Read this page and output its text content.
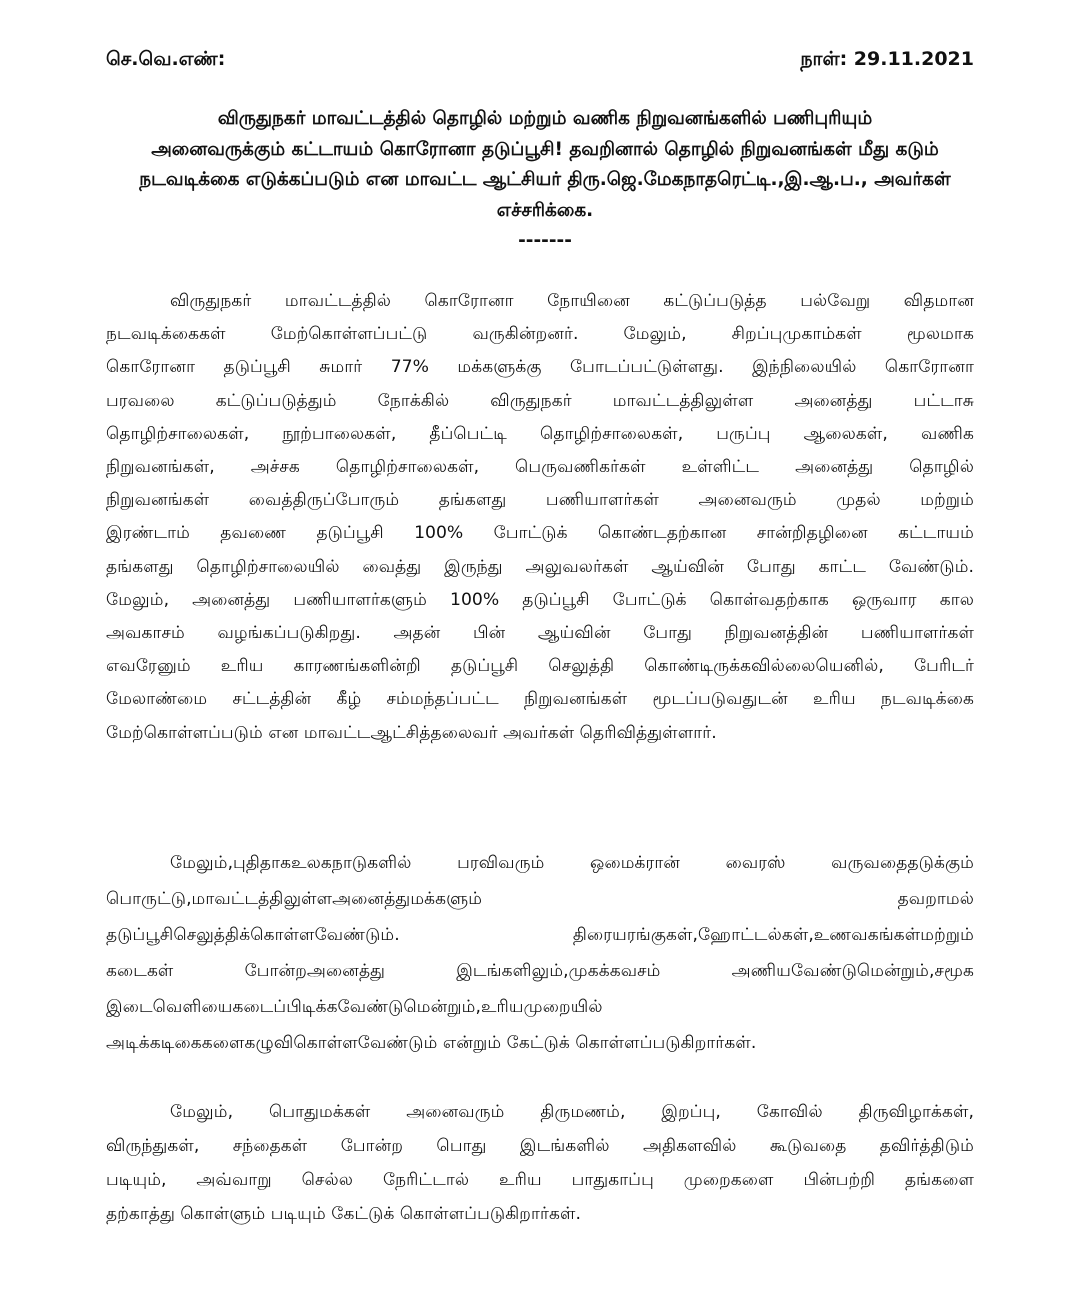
செ.வெ.எண்:	நாள்: 29.11.2021
விருதுநகர் மாவட்டத்தில் தொழில் மற்றும் வணிக நிறுவனங்களில் பணிபுரியும்
அனைவருக்கும் கட்டாயம் கொரோனா தடுப்பூசி! தவறினால் தொழில் நிறுவனங்கள் மீது கடும்
நடவடிக்கை எடுக்கப்படும் என மாவட்ட ஆட்சியர் திரு.ஜெ.மேகநாதரெட்டி.,இ.ஆ.ப., அவர்கள்
எச்சரிக்கை.
-------
விருதுநகர் மாவட்டத்தில் கொரோனா நோயினை கட்டுப்படுத்த பல்வேறு விதமான
நடவடிக்கைகள் மேற்கொள்ளப்பட்டு வருகின்றனர். மேலும், சிறப்புமுகாம்கள் மூலமாக
கொரோனா தடுப்பூசி சுமார் 77% மக்களுக்கு போடப்பட்டுள்ளது. இந்நிலையில் கொரோனா
பரவலை கட்டுப்படுத்தும் நோக்கில் விருதுநகர் மாவட்டத்திலுள்ள அனைத்து பட்டாசு
தொழிற்சாலைகள், நூற்பாலைகள், தீப்பெட்டி தொழிற்சாலைகள், பருப்பு ஆலைகள், வணிக
நிறுவனங்கள், அச்சக தொழிற்சாலைகள், பெருவணிகர்கள் உள்ளிட்ட அனைத்து தொழில்
நிறுவனங்கள் வைத்திருப்போரும் தங்களது பணியாளர்கள் அனைவரும் முதல் மற்றும்
இரண்டாம் தவணை தடுப்பூசி 100% போட்டுக் கொண்டதற்கான சான்றிதழினை கட்டாயம்
தங்களது தொழிற்சாலையில் வைத்து இருந்து அலுவலர்கள் ஆய்வின் போது காட்ட வேண்டும்.
மேலும், அனைத்து பணியாளர்களும் 100% தடுப்பூசி போட்டுக் கொள்வதற்காக ஒருவார கால
அவகாசம் வழங்கப்படுகிறது. அதன் பின் ஆய்வின் போது நிறுவனத்தின் பணியாளர்கள்
எவரேனும் உரிய காரணங்களின்றி தடுப்பூசி செலுத்தி கொண்டிருக்கவில்லையெனில், பேரிடர்
மேலாண்மை சட்டத்தின் கீழ் சம்மந்தப்பட்ட நிறுவனங்கள் மூடப்படுவதுடன் உரிய நடவடிக்கை
மேற்கொள்ளப்படும் என மாவட்டஆட்சித்தலைவர் அவர்கள் தெரிவித்துள்ளார்.
மேலும்,புதிதாகஉலகநாடுகளில் பரவிவரும் ஒமைக்ரான் வைரஸ் வருவதைதடுக்கும்
பொருட்டு,மாவட்டத்திலுள்ளஅனைத்துமக்களும் தவறாமல்
தடுப்பூசிசெலுத்திக்கொள்ளவேண்டும். திரையரங்குகள்,ஹோட்டல்கள்,உணவகங்கள்மற்றும்
கடைகள் போன்றஅனைத்து இடங்களிலும்,முகக்கவசம் அணியவேண்டுமென்றும்,சமூக
இடைவெளியைகடைப்பிடிக்கவேண்டுமென்றும்,உரியமுறையில்
அடிக்கடிகைகளைகழுவிகொள்ளவேண்டும் என்றும் கேட்டுக் கொள்ளப்படுகிறார்கள்.
மேலும், பொதுமக்கள் அனைவரும் திருமணம், இறப்பு, கோவில் திருவிழாக்கள்,
விருந்துகள், சந்தைகள் போன்ற பொது இடங்களில் அதிகளவில் கூடுவதை தவிர்த்திடும்
படியும், அவ்வாறு செல்ல நேரிட்டால் உரிய பாதுகாப்பு முறைகளை பின்பற்றி தங்களை
தற்காத்து கொள்ளும் படியும் கேட்டுக் கொள்ளப்படுகிறார்கள்.
